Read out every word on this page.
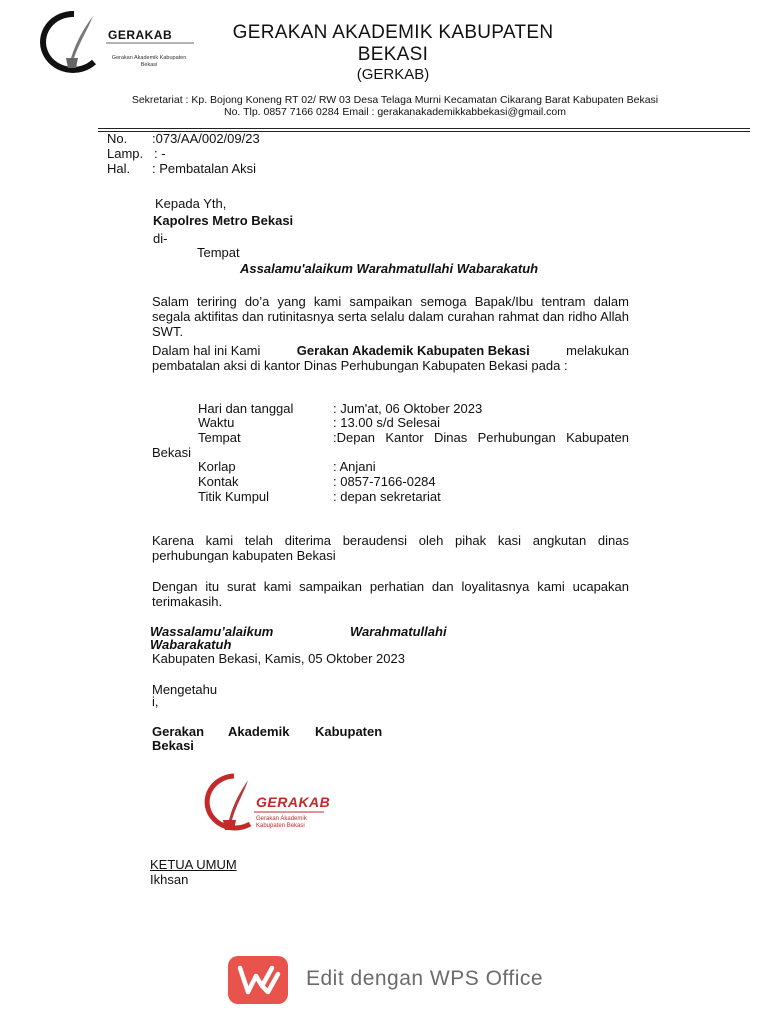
GERAKAB
Gerakan Akademik Kabupaten
Bekasi
GERAKAN AKADEMIK KABUPATEN
BEKASI
(GERKAB)
Sekretariat : Kp. Bojong Koneng RT 02/ RW 03 Desa Telaga Murni Kecamatan Cikarang Barat Kabupaten Bekasi
No. Tlp. 0857 7166 0284 Email : gerakanakademikkabbekasi@gmail.com
No. :073/AA/002/09/23
Lamp. : -
Hal. : Pembatalan Aksi
Kepada Yth,
Kapolres Metro Bekasi
di-
Tempat
Assalamu'alaikum Warahmatullahi Wabarakatuh
Salam teriring do’a yang kami sampaikan semoga Bapak/Ibu tentram dalam segala aktifitas dan rutinitasnya serta selalu dalam curahan rahmat dan ridho Allah SWT.
Dalam hal ini Kami	Gerakan Akademik Kabupaten Bekasi	melakukan
pembatalan aksi di kantor Dinas Perhubungan Kabupaten Bekasi pada :
Hari dan tanggal	: Jum'at, 06 Oktober 2023
Waktu	: 13.00 s/d Selesai
Tempat	:Depan Kantor Dinas Perhubungan Kabupaten
Bekasi
Korlap	: Anjani
Kontak	: 0857-7166-0284
Titik Kumpul	: depan sekretariat
Karena kami telah diterima beraudensi oleh pihak kasi angkutan dinas perhubungan kabupaten Bekasi
Dengan itu surat kami sampaikan perhatian dan loyalitasnya kami ucapakan terimakasih.
Wassalamu’alaikum	Warahmatullahi
Wabarakatuh
Kabupaten Bekasi, Kamis, 05 Oktober 2023
Mengetahu
i,
Gerakan Akademik Kabupaten
Bekasi
GERAKAB
Gerakan Akademik
Kabupaten Bekasi
KETUA UMUM
Ikhsan
Edit dengan WPS Office
